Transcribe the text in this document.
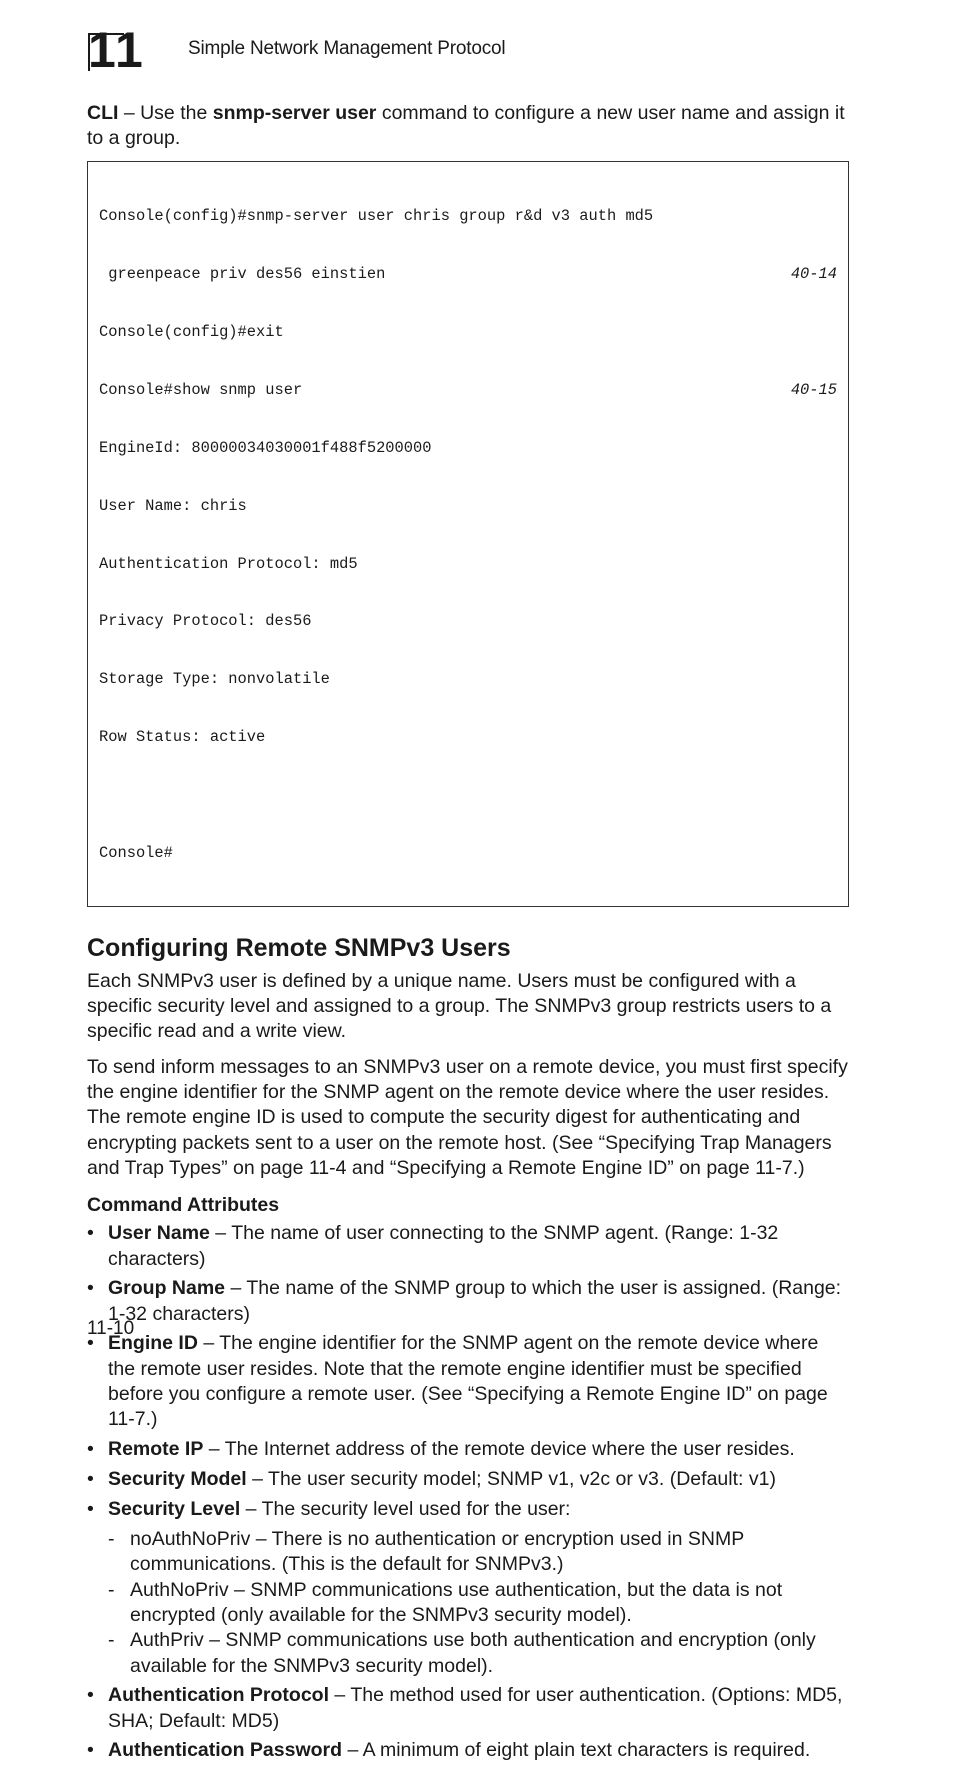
11 Simple Network Management Protocol

CLI – Use the snmp-server user command to configure a new user name and assign it to a group.

Console(config)#snmp-server user chris group r&d v3 auth md5

greenpeace priv des56 einstien	40-14

Console(config)#exit

Console#show snmp user	40-15

EngineId: 80000034030001f488f5200000

User Name: chris

Authentication Protocol: md5

Privacy Protocol: des56

Storage Type: nonvolatile

Row Status: active

Console#

Configuring Remote SNMPv3 Users

Each SNMPv3 user is defined by a unique name. Users must be configured with a specific security level and assigned to a group. The SNMPv3 group restricts users to a specific read and a write view.

To send inform messages to an SNMPv3 user on a remote device, you must first specify the engine identifier for the SNMP agent on the remote device where the user resides. The remote engine ID is used to compute the security digest for authenticating and encrypting packets sent to a user on the remote host. (See “Specifying Trap Managers and Trap Types” on page 11-4 and “Specifying a Remote Engine ID” on page 11-7.)

Command Attributes
• User Name – The name of user connecting to the SNMP agent. (Range: 1-32 characters)
• Group Name – The name of the SNMP group to which the user is assigned. (Range: 1-32 characters)
• Engine ID – The engine identifier for the SNMP agent on the remote device where the remote user resides. Note that the remote engine identifier must be specified before you configure a remote user. (See “Specifying a Remote Engine ID” on page 11-7.)
• Remote IP – The Internet address of the remote device where the user resides.
• Security Model – The user security model; SNMP v1, v2c or v3. (Default: v1)
• Security Level – The security level used for the user:
- noAuthNoPriv – There is no authentication or encryption used in SNMP communications. (This is the default for SNMPv3.)
- AuthNoPriv – SNMP communications use authentication, but the data is not encrypted (only available for the SNMPv3 security model).
- AuthPriv – SNMP communications use both authentication and encryption (only available for the SNMPv3 security model).
• Authentication Protocol – The method used for user authentication. (Options: MD5, SHA; Default: MD5)
• Authentication Password – A minimum of eight plain text characters is required.
11-10
